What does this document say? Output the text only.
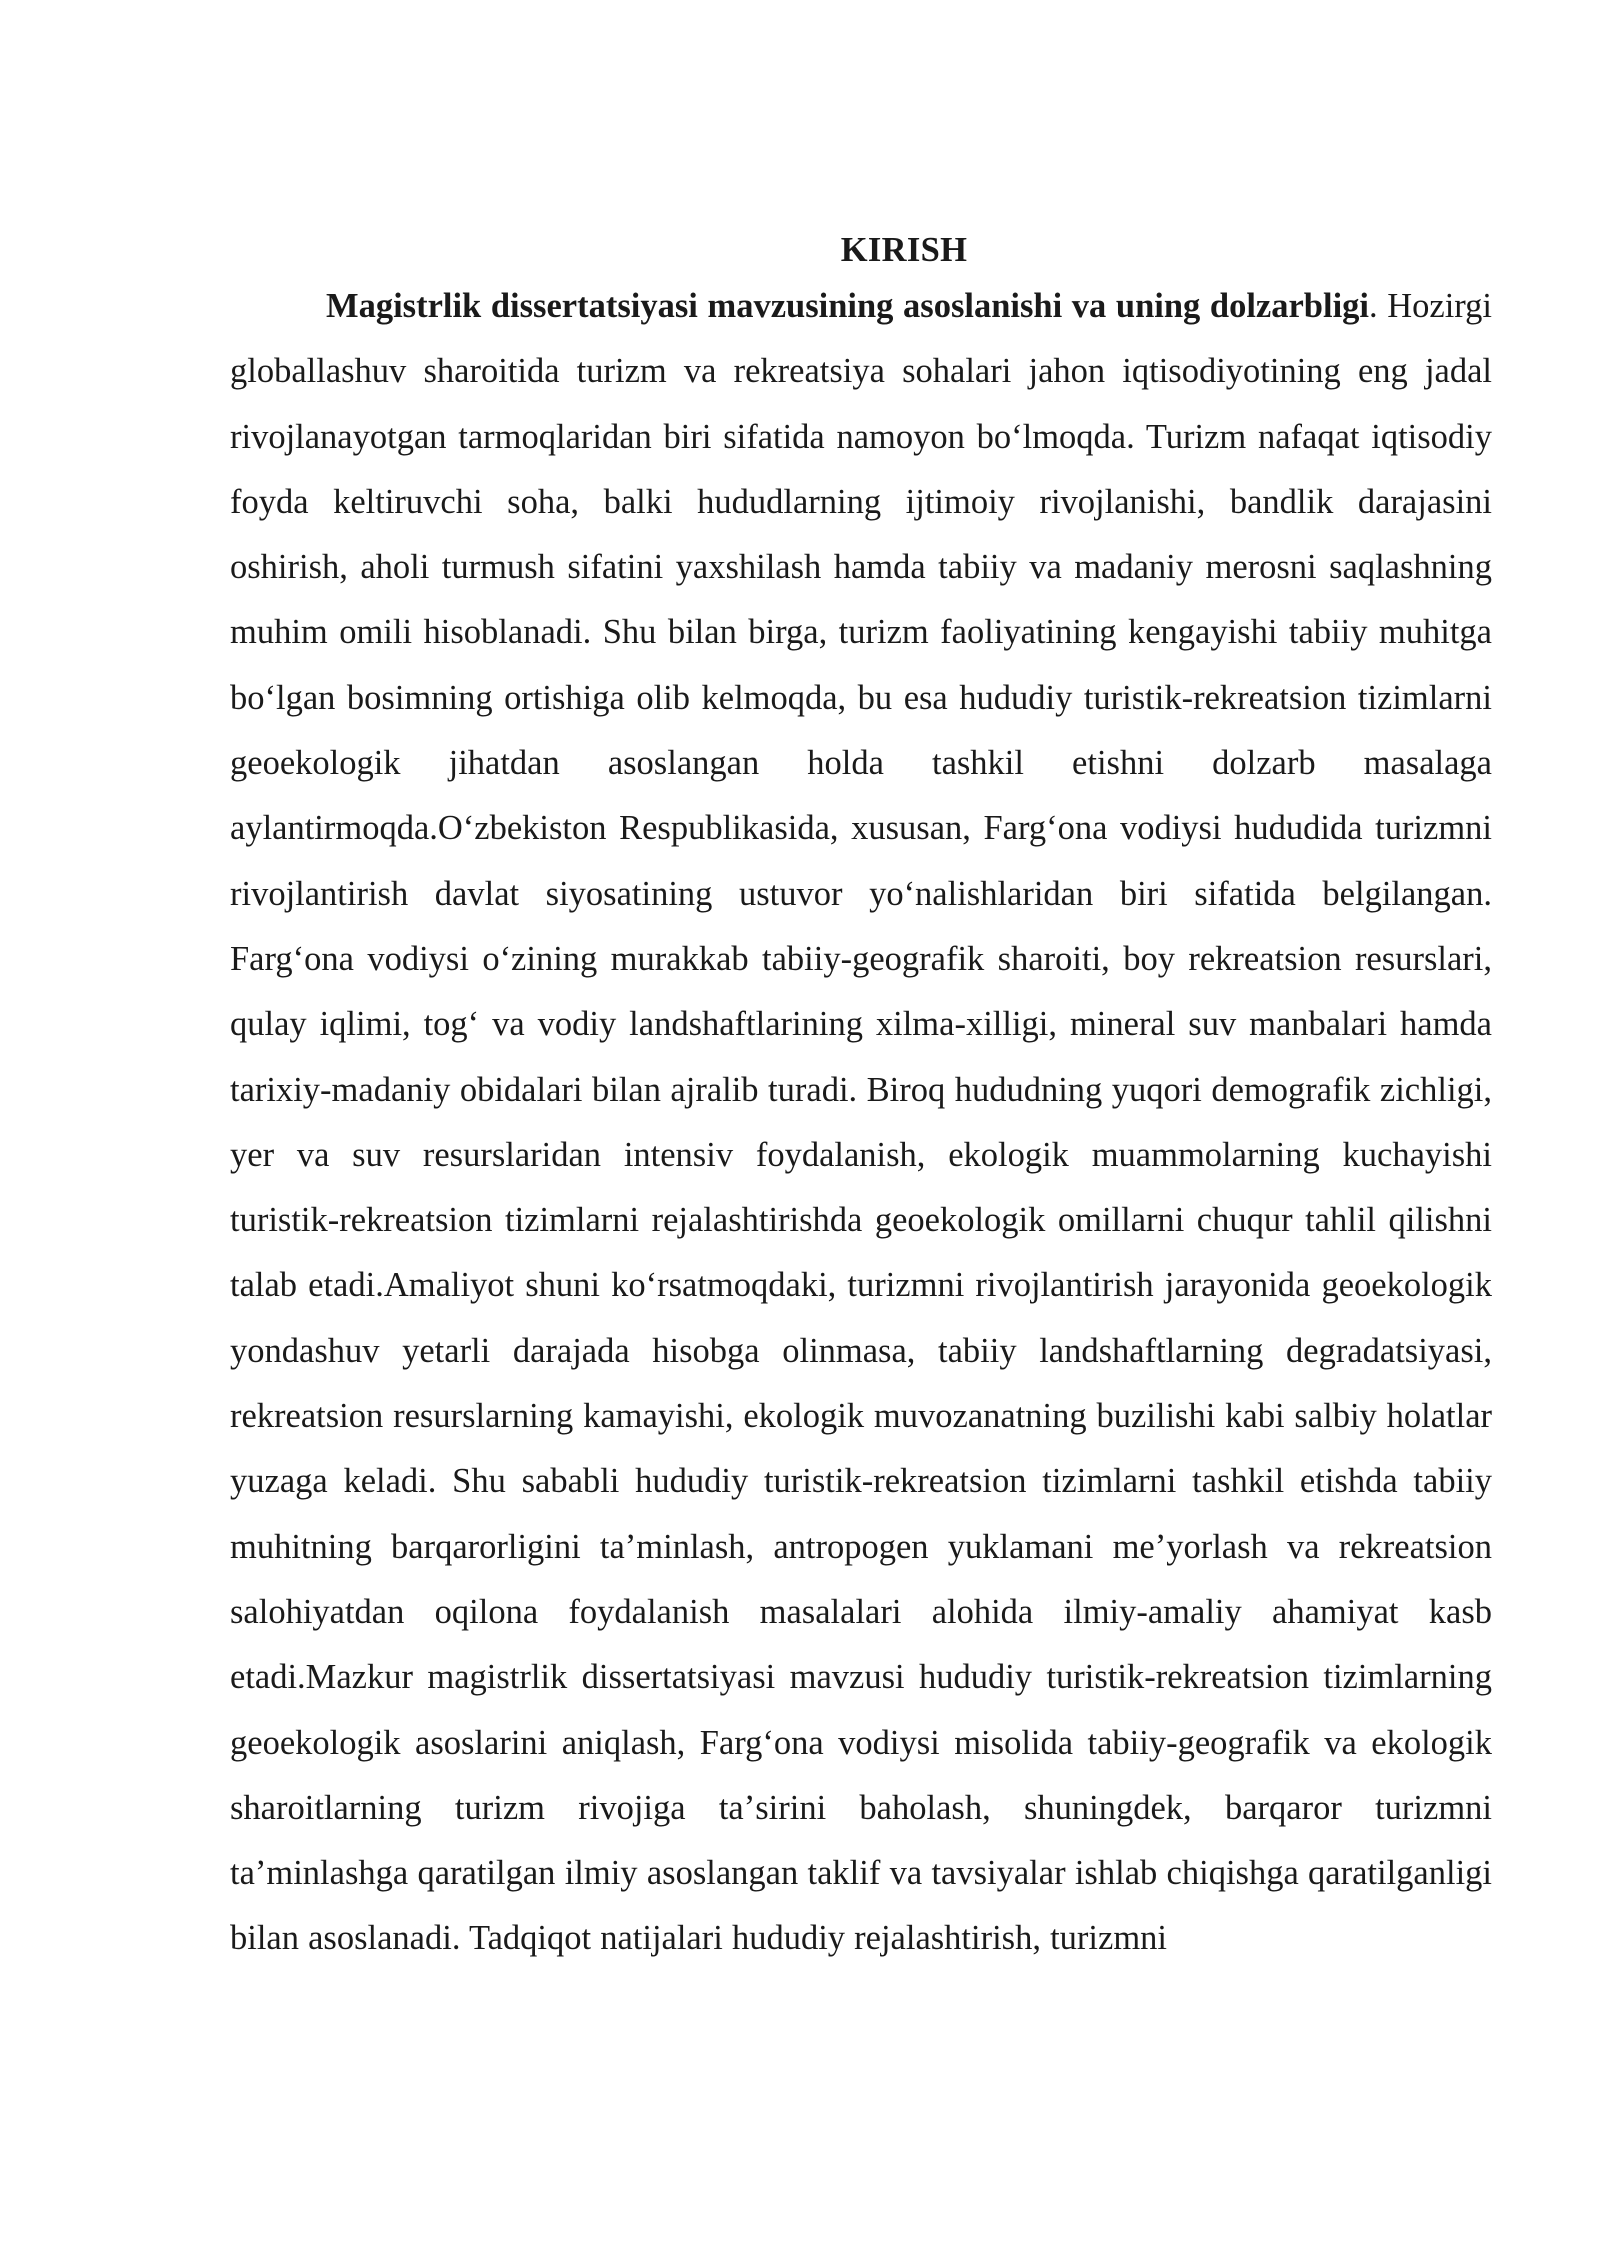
KIRISH

Magistrlik dissertatsiyasi mavzusining asoslanishi va uning dolzarbligi. Hozirgi globallashuv sharoitida turizm va rekreatsiya sohalari jahon iqtisodiyotining eng jadal rivojlanayotgan tarmoqlaridan biri sifatida namoyon boʻlmoqda. Turizm nafaqat iqtisodiy foyda keltiruvchi soha, balki hududlarning ijtimoiy rivojlanishi, bandlik darajasini oshirish, aholi turmush sifatini yaxshilash hamda tabiiy va madaniy merosni saqlashning muhim omili hisoblanadi. Shu bilan birga, turizm faoliyatining kengayishi tabiiy muhitga boʻlgan bosimning ortishiga olib kelmoqda, bu esa hududiy turistik-rekreatsion tizimlarni geoekologik jihatdan asoslangan holda tashkil etishni dolzarb masalaga aylantirmoqda.Oʻzbekiston Respublikasida, xususan, Fargʻona vodiysi hududida turizmni rivojlantirish davlat siyosatining ustuvor yoʻnalishlaridan biri sifatida belgilangan. Fargʻona vodiysi oʻzining murakkab tabiiy-geografik sharoiti, boy rekreatsion resurslari, qulay iqlimi, togʻ va vodiy landshaftlarining xilma-xilligi, mineral suv manbalari hamda tarixiy-madaniy obidalari bilan ajralib turadi. Biroq hududning yuqori demografik zichligi, yer va suv resurslaridan intensiv foydalanish, ekologik muammolarning kuchayishi turistik-rekreatsion tizimlarni rejalashtirishda geoekologik omillarni chuqur tahlil qilishni talab etadi.Amaliyot shuni koʻrsatmoqdaki, turizmni rivojlantirish jarayonida geoekologik yondashuv yetarli darajada hisobga olinmasa, tabiiy landshaftlarning degradatsiyasi, rekreatsion resurslarning kamayishi, ekologik muvozanatning buzilishi kabi salbiy holatlar yuzaga keladi. Shu sababli hududiy turistik-rekreatsion tizimlarni tashkil etishda tabiiy muhitning barqarorligini taʼminlash, antropogen yuklamani meʼyorlash va rekreatsion salohiyatdan oqilona foydalanish masalalari alohida ilmiy-amaliy ahamiyat kasb etadi.Mazkur magistrlik dissertatsiyasi mavzusi hududiy turistik-rekreatsion tizimlarning geoekologik asoslarini aniqlash, Fargʻona vodiysi misolida tabiiy-geografik va ekologik sharoitlarning turizm rivojiga taʼsirini baholash, shuningdek, barqaror turizmni taʼminlashga qaratilgan ilmiy asoslangan taklif va tavsiyalar ishlab chiqishga qaratilganligi bilan asoslanadi. Tadqiqot natijalari hududiy rejalashtirish, turizmni
